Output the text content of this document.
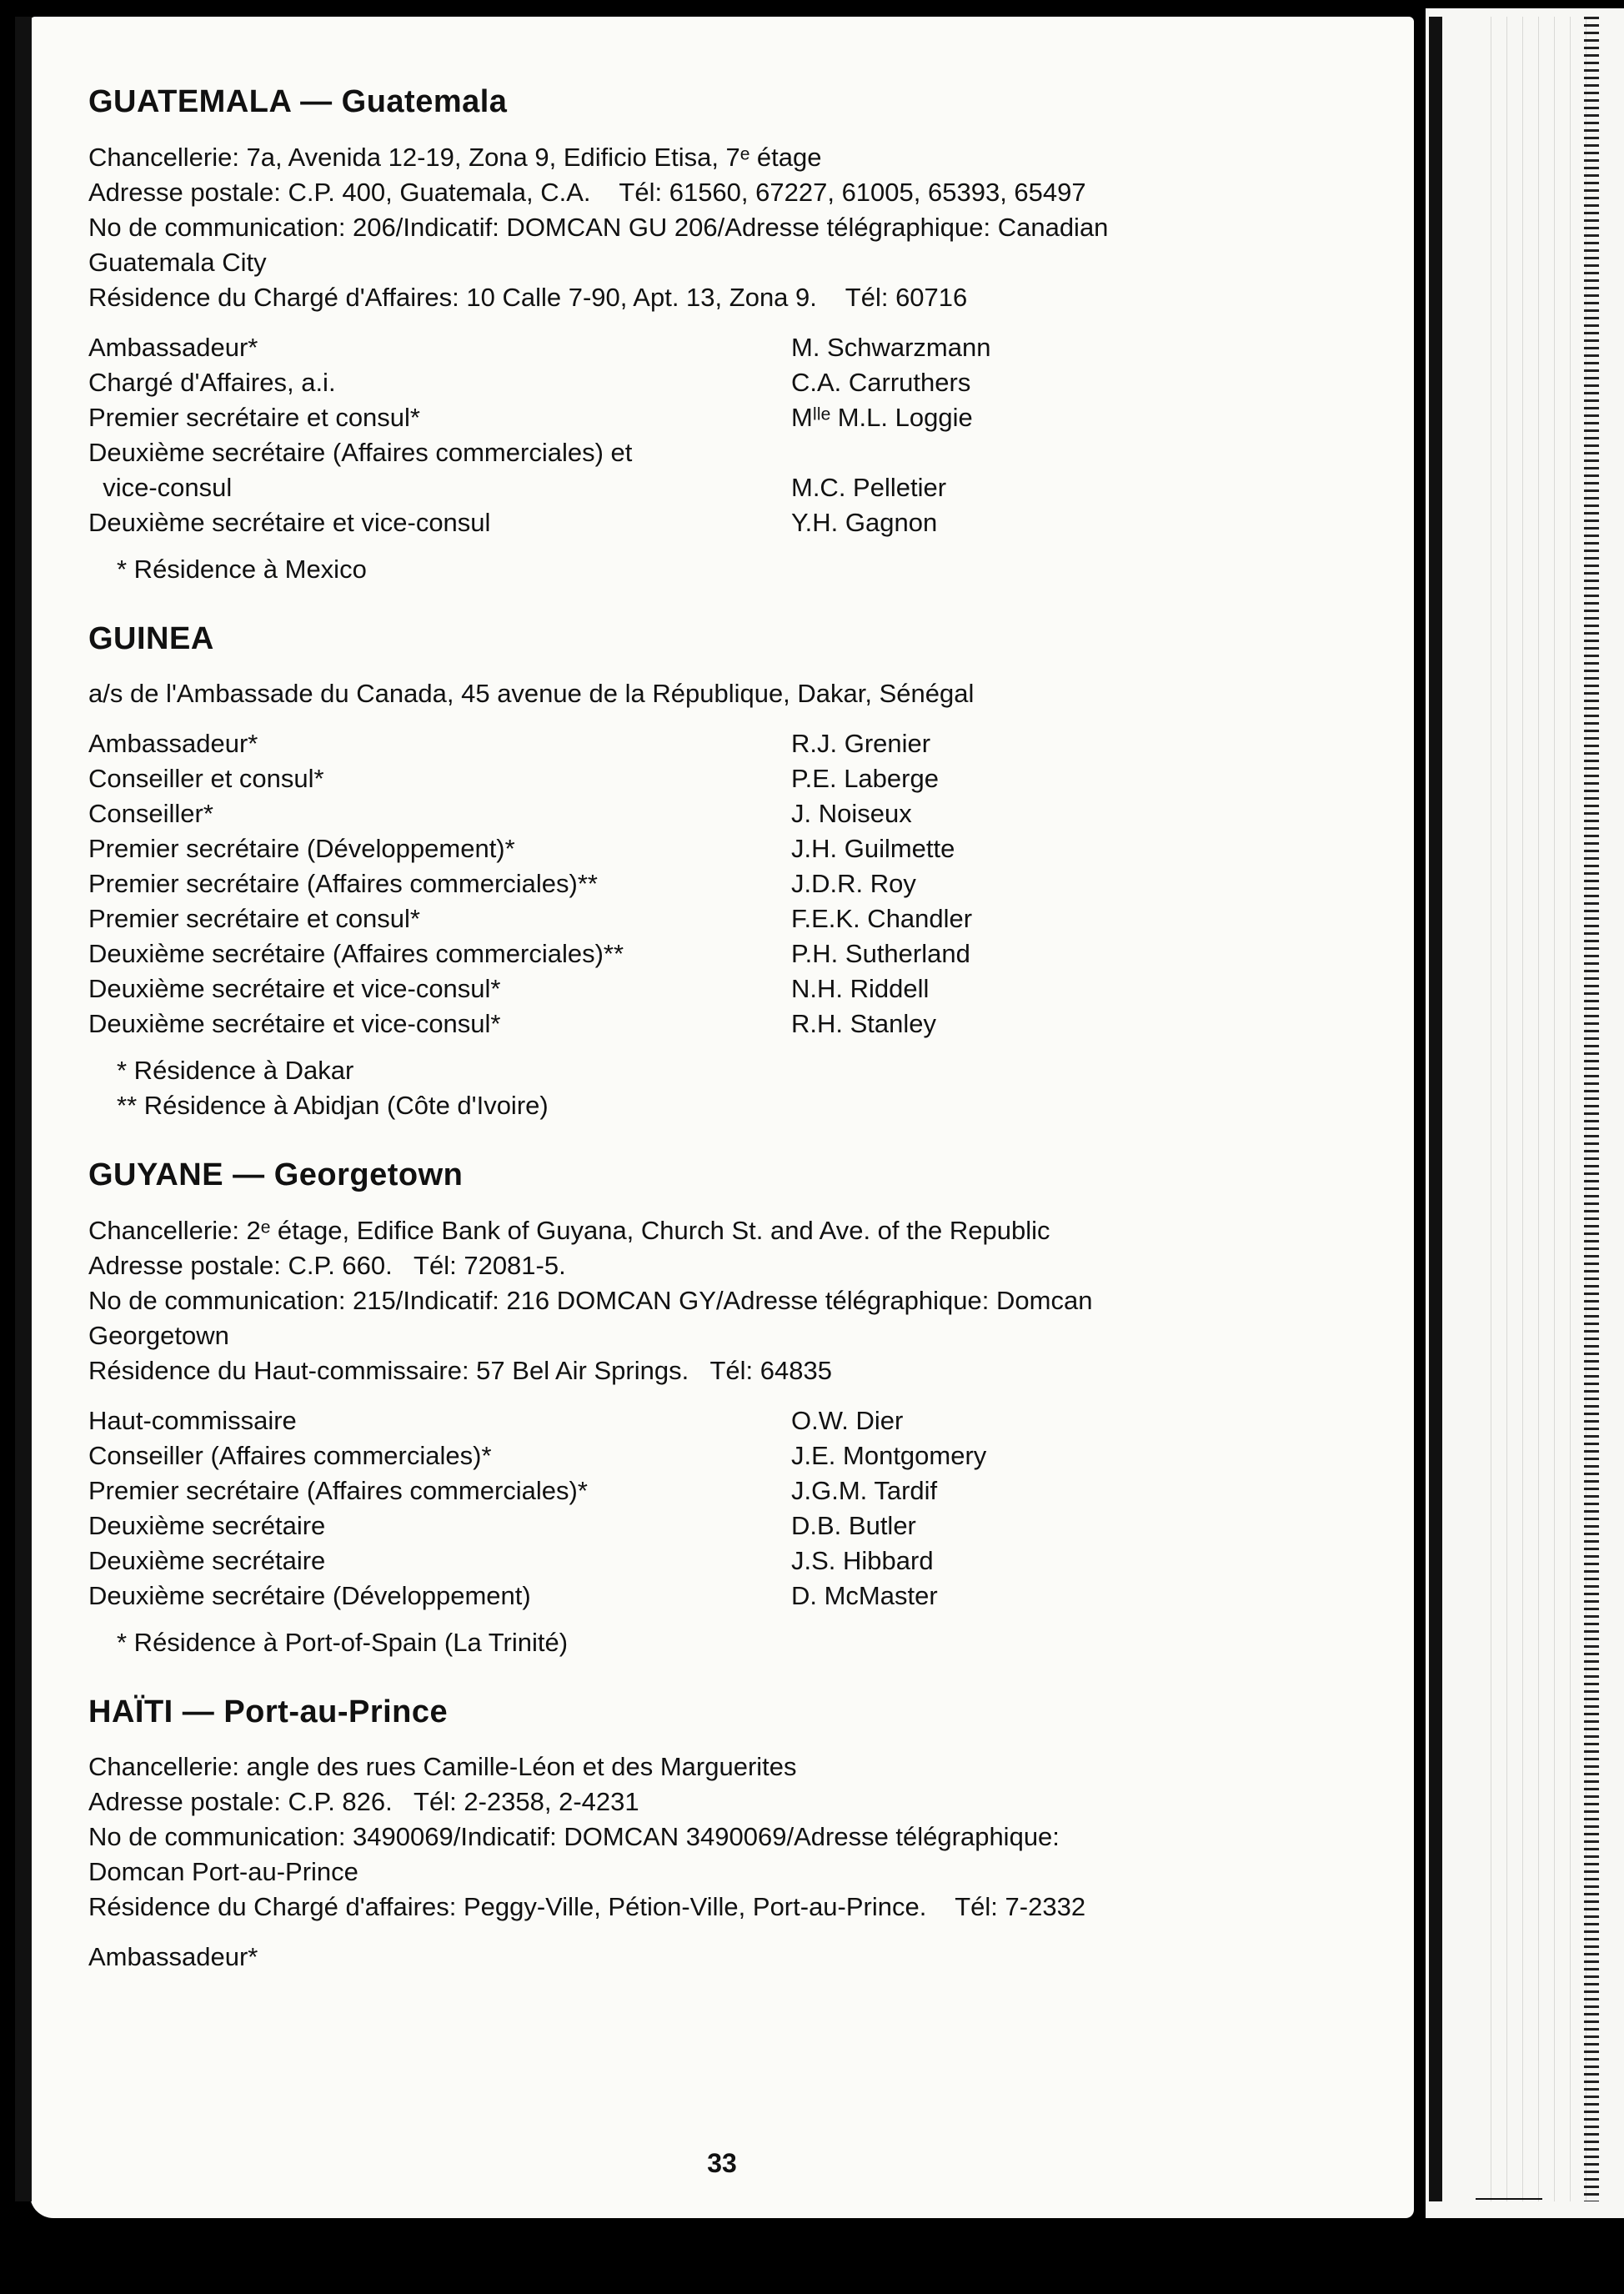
GUATEMALA — Guatemala
Chancellerie: 7a, Avenida 12-19, Zona 9, Edificio Etisa, 7ᵉ étage
Adresse postale: C.P. 400, Guatemala, C.A.    Tél: 61560, 67227, 61005, 65393, 65497
No de communication: 206/Indicatif: DOMCAN GU 206/Adresse télégraphique: Canadian
Guatemala City
Résidence du Chargé d'Affaires: 10 Calle 7-90, Apt. 13, Zona 9.    Tél: 60716
Ambassadeur*	M. Schwarzmann
Chargé d'Affaires, a.i.	C.A. Carruthers
Premier secrétaire et consul*	Mˡˡᵉ M.L. Loggie
Deuxième secrétaire (Affaires commerciales) et
vice-consul	M.C. Pelletier
Deuxième secrétaire et vice-consul	Y.H. Gagnon
* Résidence à Mexico
GUINEA
a/s de l'Ambassade du Canada, 45 avenue de la République, Dakar, Sénégal
Ambassadeur*	R.J. Grenier
Conseiller et consul*	P.E. Laberge
Conseiller*	J. Noiseux
Premier secrétaire (Développement)*	J.H. Guilmette
Premier secrétaire (Affaires commerciales)**	J.D.R. Roy
Premier secrétaire et consul*	F.E.K. Chandler
Deuxième secrétaire (Affaires commerciales)**	P.H. Sutherland
Deuxième secrétaire et vice-consul*	N.H. Riddell
Deuxième secrétaire et vice-consul*	R.H. Stanley
* Résidence à Dakar
** Résidence à Abidjan (Côte d'Ivoire)
GUYANE — Georgetown
Chancellerie: 2ᵉ étage, Edifice Bank of Guyana, Church St. and Ave. of the Republic
Adresse postale: C.P. 660.   Tél: 72081-5.
No de communication: 215/Indicatif: 216 DOMCAN GY/Adresse télégraphique: Domcan
Georgetown
Résidence du Haut-commissaire: 57 Bel Air Springs.   Tél: 64835
Haut-commissaire	O.W. Dier
Conseiller (Affaires commerciales)*	J.E. Montgomery
Premier secrétaire (Affaires commerciales)*	J.G.M. Tardif
Deuxième secrétaire	D.B. Butler
Deuxième secrétaire	J.S. Hibbard
Deuxième secrétaire (Développement)	D. McMaster
* Résidence à Port-of-Spain (La Trinité)
HAÏTI — Port-au-Prince
Chancellerie: angle des rues Camille-Léon et des Marguerites
Adresse postale: C.P. 826.   Tél: 2-2358, 2-4231
No de communication: 3490069/Indicatif: DOMCAN 3490069/Adresse télégraphique:
Domcan Port-au-Prince
Résidence du Chargé d'affaires: Peggy-Ville, Pétion-Ville, Port-au-Prince.    Tél: 7-2332
Ambassadeur*
33
